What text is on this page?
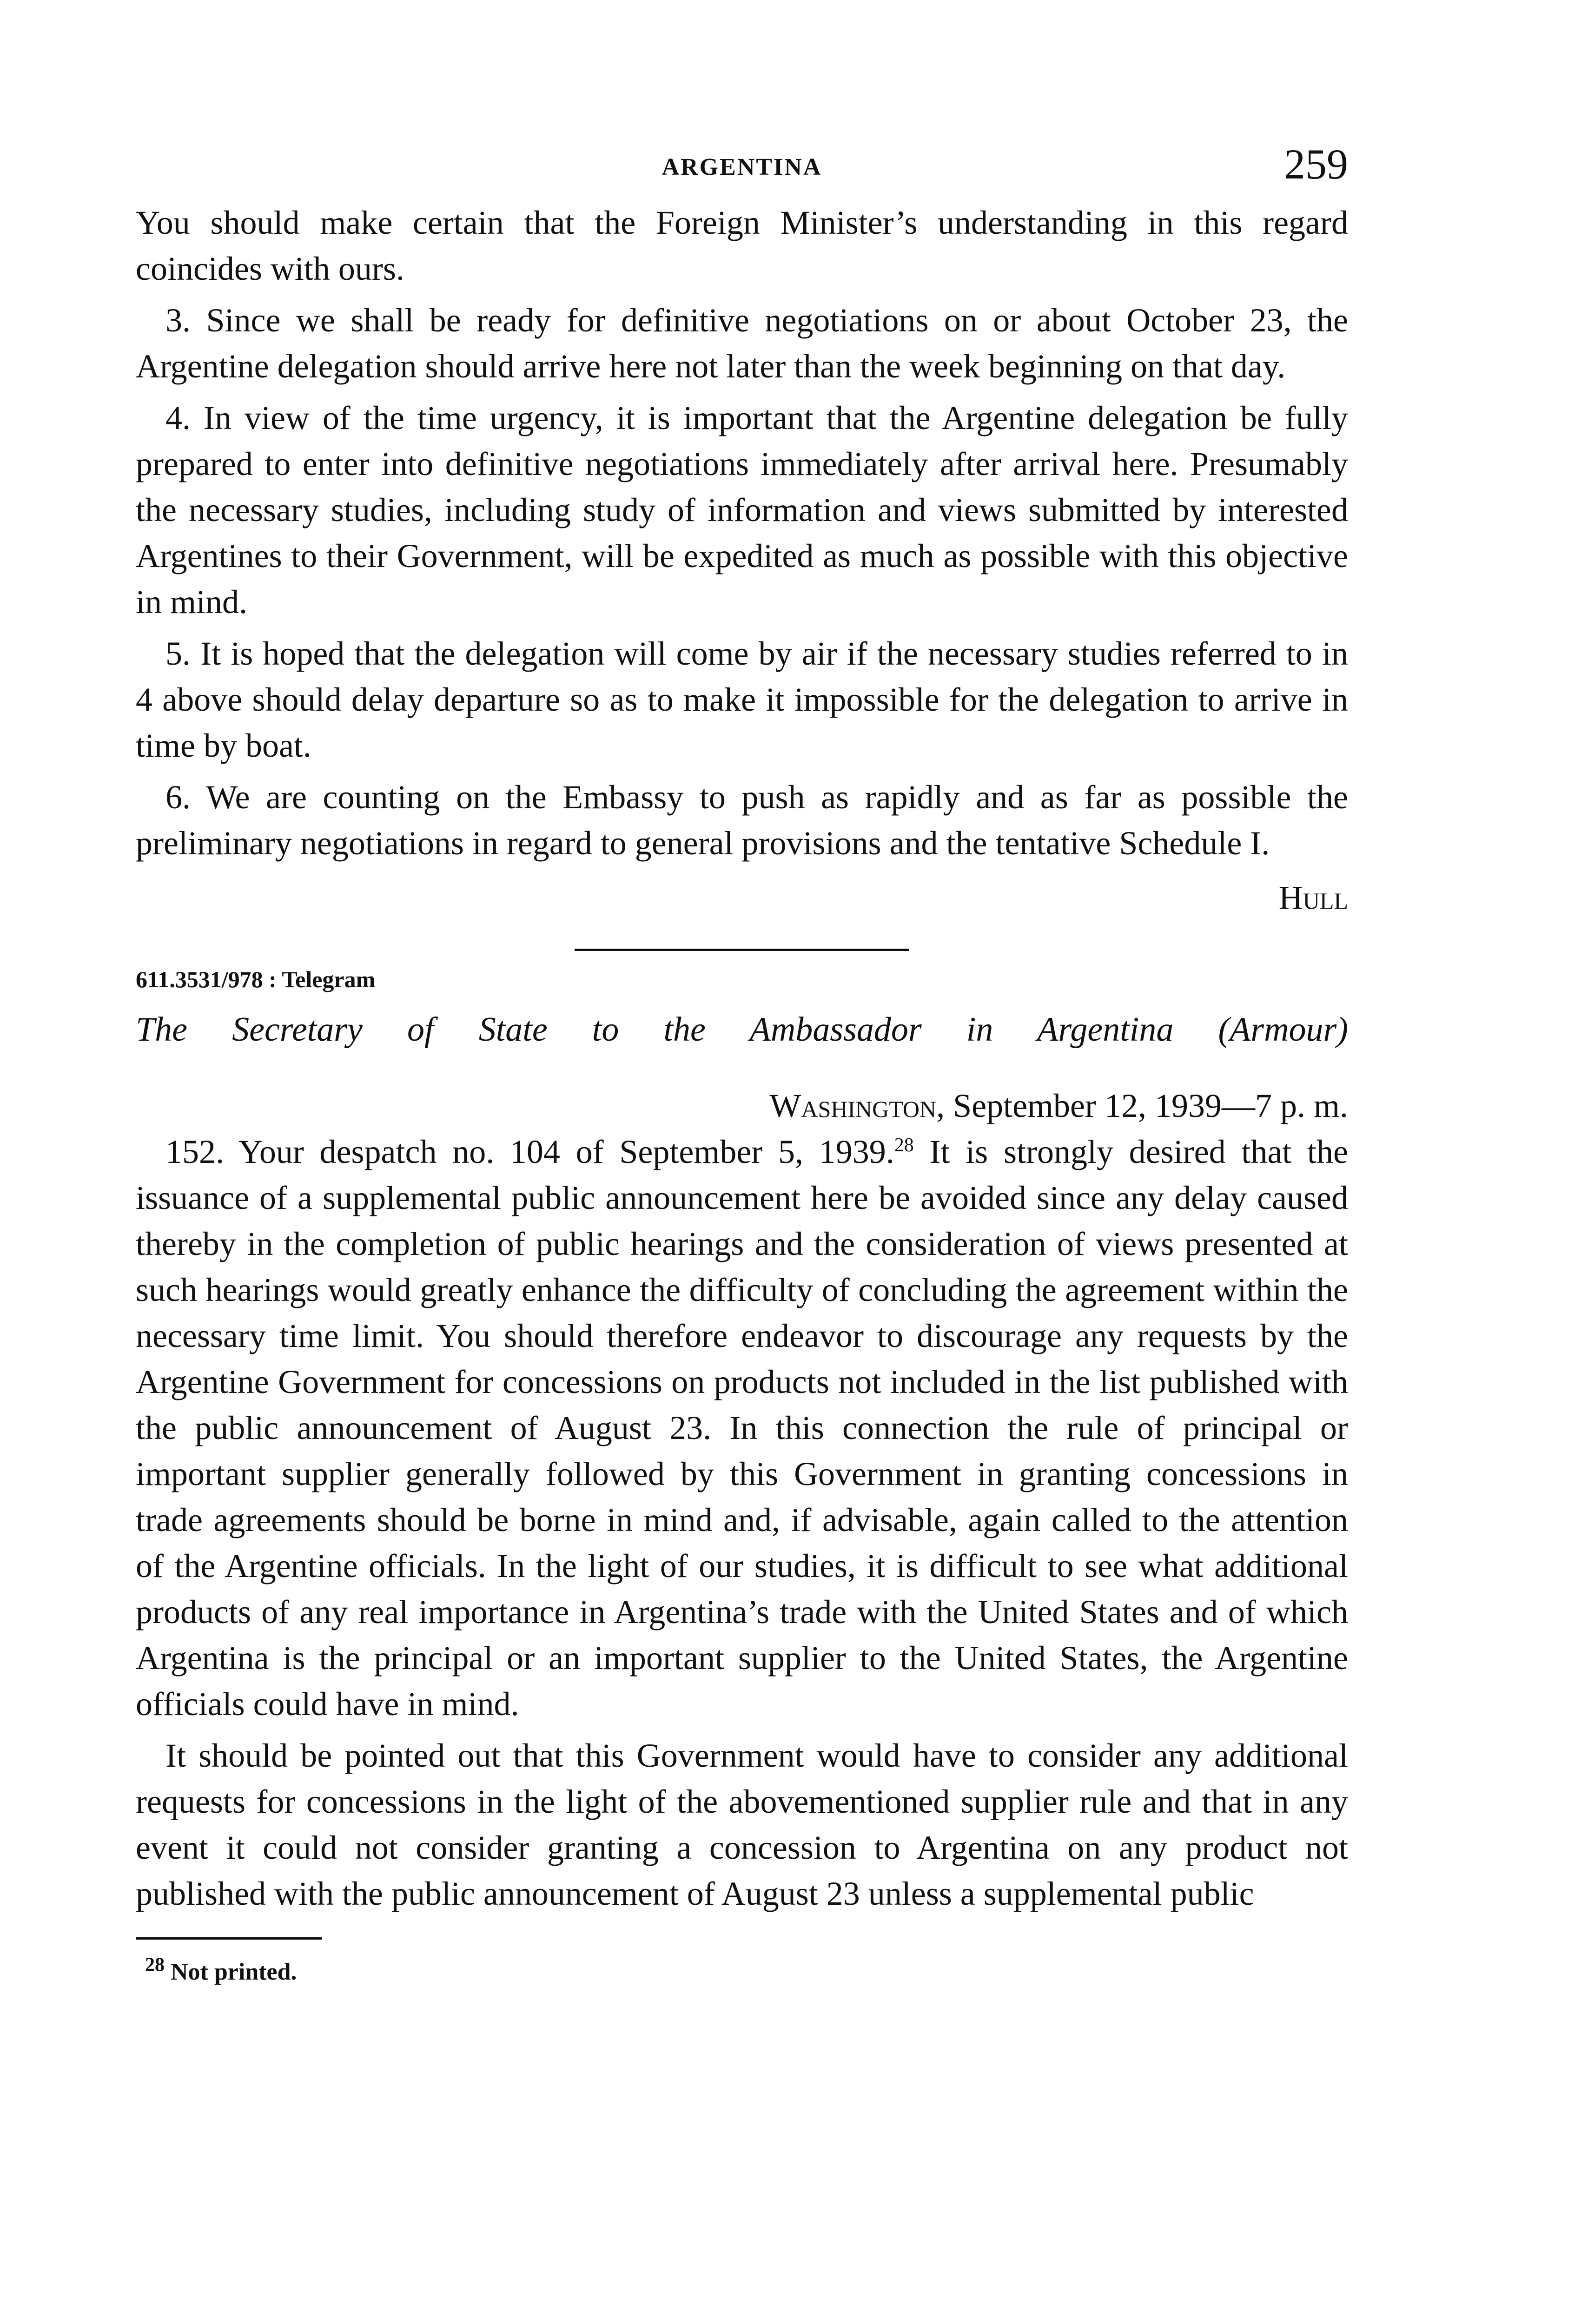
ARGENTINA	259

You should make certain that the Foreign Minister’s understanding in this regard coincides with ours.

3. Since we shall be ready for definitive negotiations on or about October 23, the Argentine delegation should arrive here not later than the week beginning on that day.

4. In view of the time urgency, it is important that the Argentine delegation be fully prepared to enter into definitive negotiations immediately after arrival here. Presumably the necessary studies, including study of information and views submitted by interested Argentines to their Government, will be expedited as much as possible with this objective in mind.

5. It is hoped that the delegation will come by air if the necessary studies referred to in 4 above should delay departure so as to make it impossible for the delegation to arrive in time by boat.

6. We are counting on the Embassy to push as rapidly and as far as possible the preliminary negotiations in regard to general provisions and the tentative Schedule I.

Hull
611.3531/978 : Telegram
The Secretary of State to the Ambassador in Argentina (Armour)
Washington, September 12, 1939—7 p. m.

152. Your despatch no. 104 of September 5, 1939.28 It is strongly desired that the issuance of a supplemental public announcement here be avoided since any delay caused thereby in the completion of public hearings and the consideration of views presented at such hearings would greatly enhance the difficulty of concluding the agreement within the necessary time limit. You should therefore endeavor to discourage any requests by the Argentine Government for concessions on products not included in the list published with the public announcement of August 23. In this connection the rule of principal or important supplier generally followed by this Government in granting concessions in trade agreements should be borne in mind and, if advisable, again called to the attention of the Argentine officials. In the light of our studies, it is difficult to see what additional products of any real importance in Argentina’s trade with the United States and of which Argentina is the principal or an important supplier to the United States, the Argentine officials could have in mind.

It should be pointed out that this Government would have to consider any additional requests for concessions in the light of the abovementioned supplier rule and that in any event it could not consider granting a concession to Argentina on any product not published with the public announcement of August 23 unless a supplemental public

$^{28}$ Not printed.
